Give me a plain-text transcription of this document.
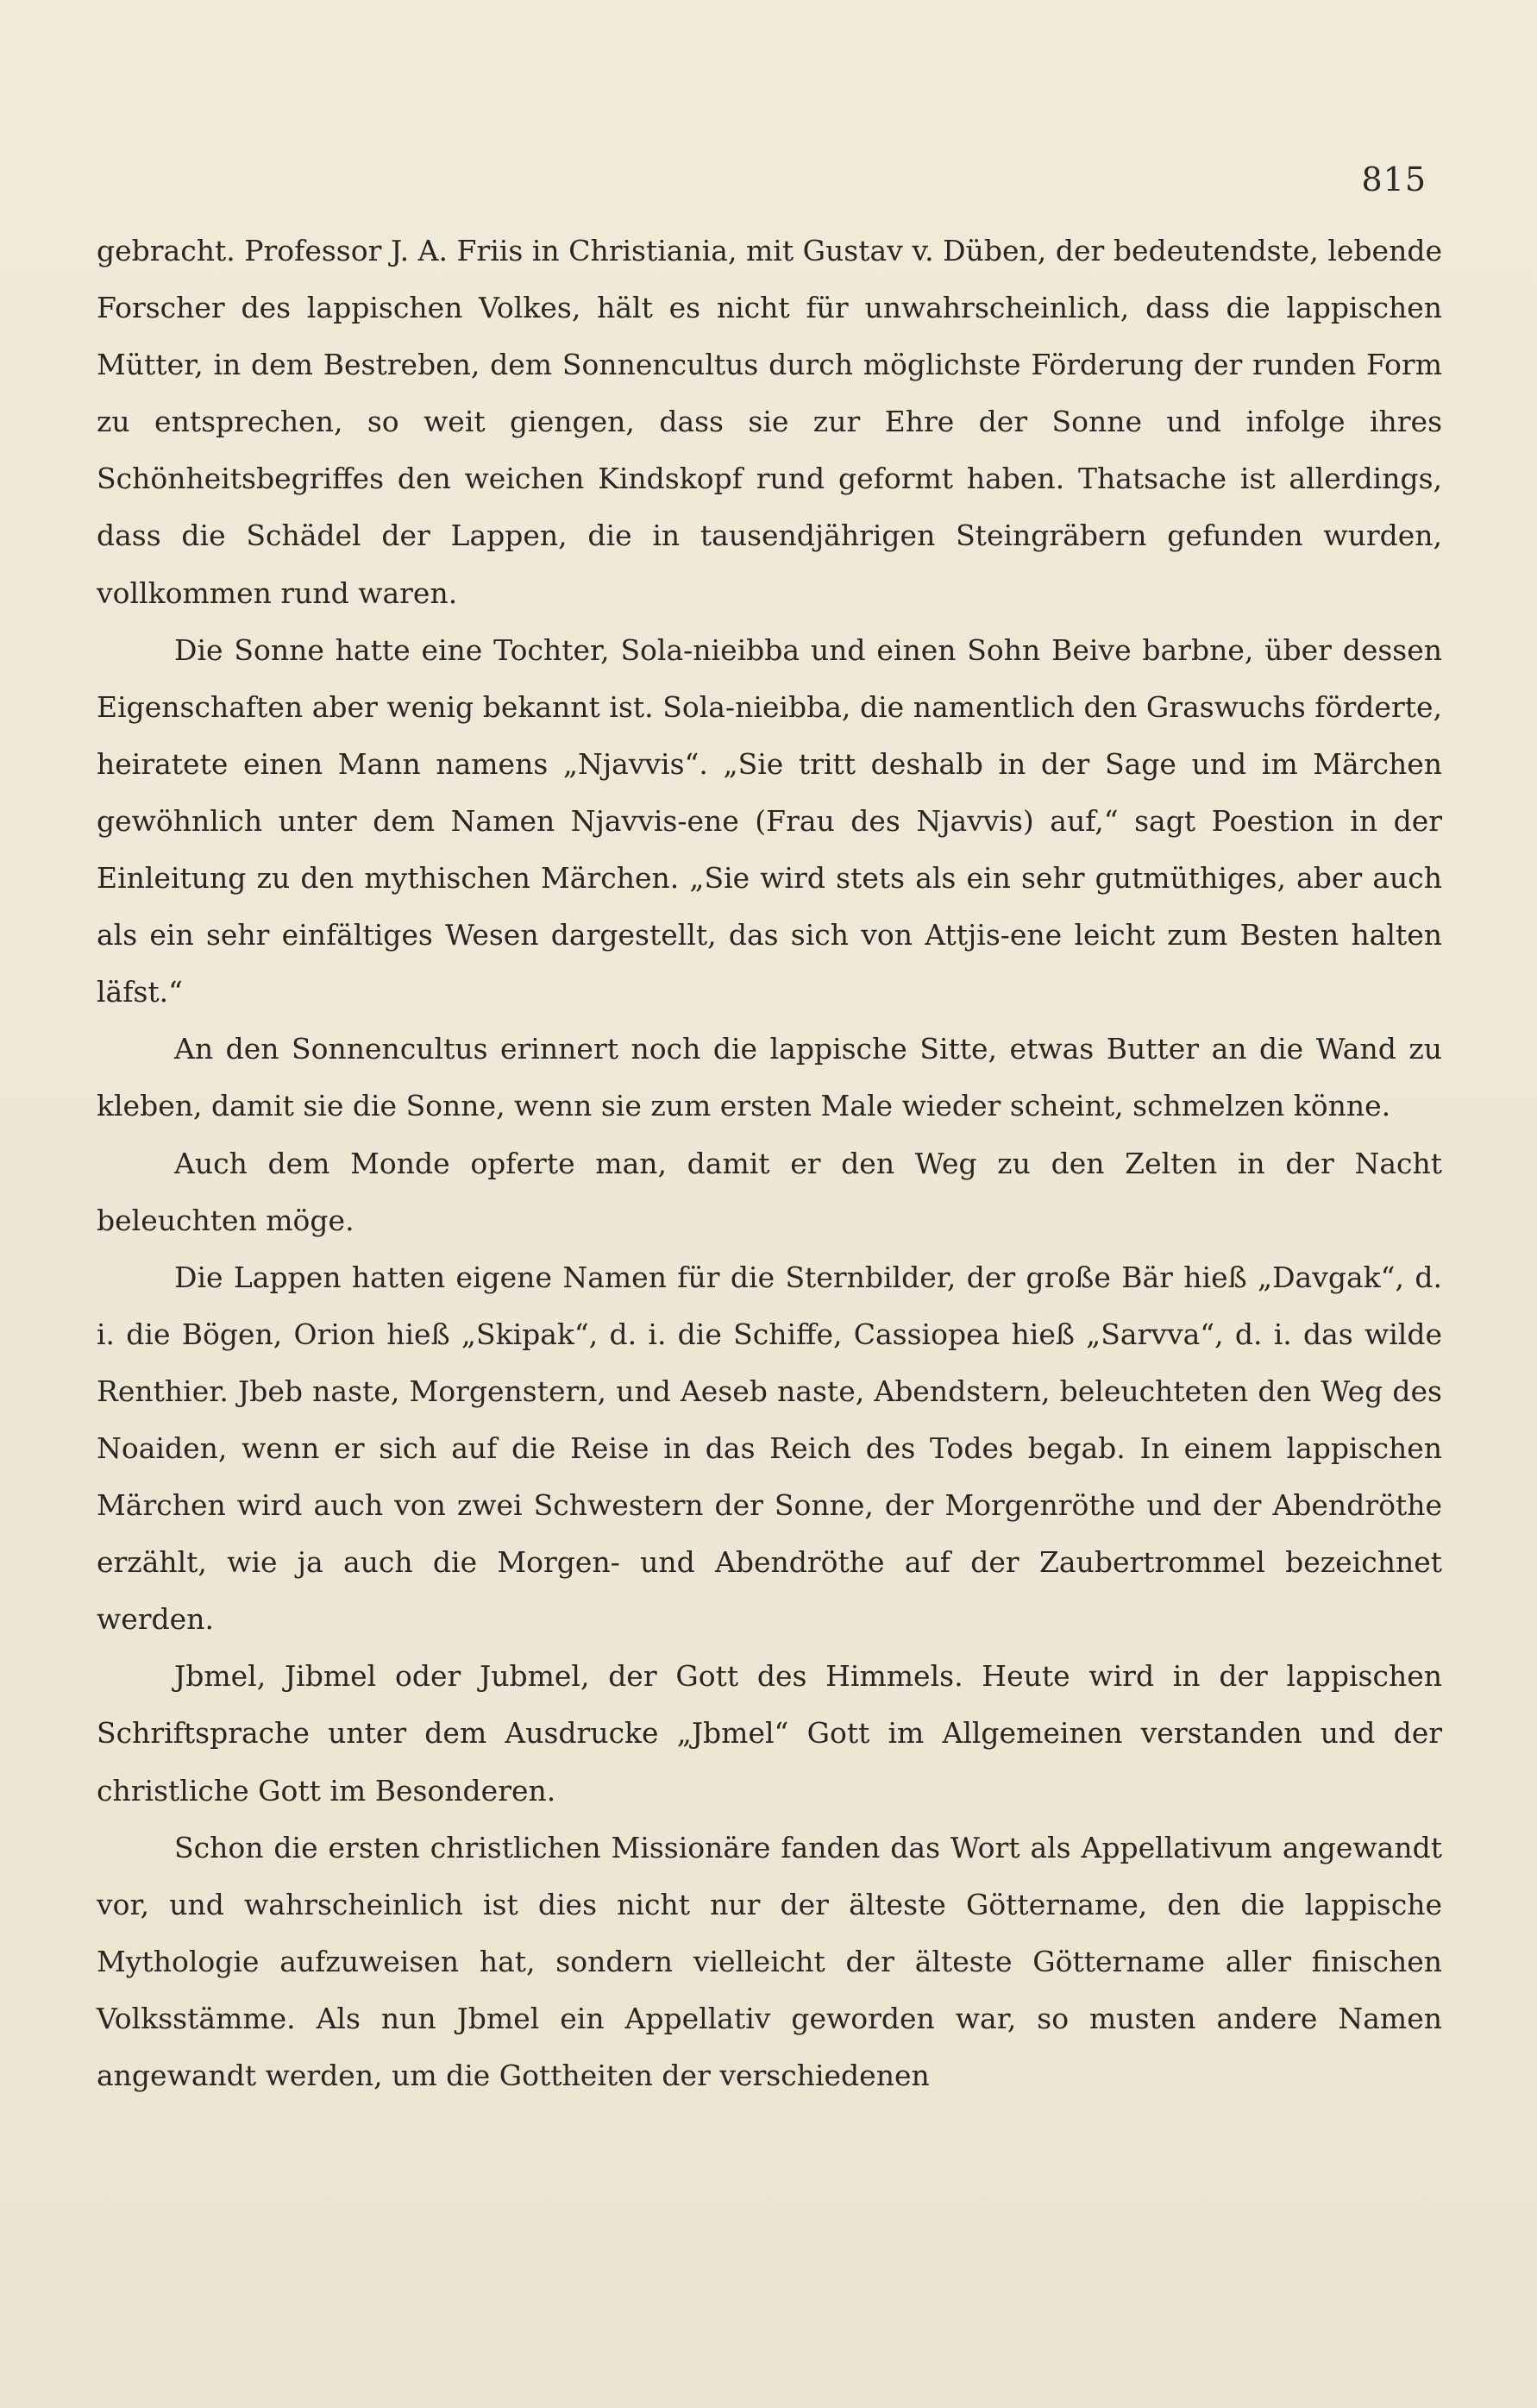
815

gebracht. Professor J. A. Friis in Christiania, mit Gustav v. Düben, der bedeutendste, lebende Forscher des lappischen Volkes, hält es nicht für unwahrscheinlich, dass die lappischen Mütter, in dem Bestreben, dem Sonnencultus durch möglichste Förderung der runden Form zu entsprechen, so weit giengen, dass sie zur Ehre der Sonne und infolge ihres Schönheitsbegriffes den weichen Kindskopf rund geformt haben. Thatsache ist allerdings, dass die Schädel der Lappen, die in tausendjährigen Steingräbern gefunden wurden, vollkommen rund waren.

Die Sonne hatte eine Tochter, Sola-nieibba und einen Sohn Beive barbne, über dessen Eigenschaften aber wenig bekannt ist. Sola-nieibba, die namentlich den Graswuchs förderte, heiratete einen Mann namens „Njavvis“. „Sie tritt deshalb in der Sage und im Märchen gewöhnlich unter dem Namen Njavvis-ene (Frau des Njavvis) auf,“ sagt Poestion in der Einleitung zu den mythischen Märchen. „Sie wird stets als ein sehr gutmüthiges, aber auch als ein sehr einfältiges Wesen dargestellt, das sich von Attjis-ene leicht zum Besten halten läfst.“

An den Sonnencultus erinnert noch die lappische Sitte, etwas Butter an die Wand zu kleben, damit sie die Sonne, wenn sie zum ersten Male wieder scheint, schmelzen könne.

Auch dem Monde opferte man, damit er den Weg zu den Zelten in der Nacht beleuchten möge.

Die Lappen hatten eigene Namen für die Sternbilder, der große Bär hieß „Davgak“, d. i. die Bögen, Orion hieß „Skipak“, d. i. die Schiffe, Cassiopea hieß „Sarvva“, d. i. das wilde Renthier. Jbeb naste, Morgenstern, und Aeseb naste, Abendstern, beleuchteten den Weg des Noaiden, wenn er sich auf die Reise in das Reich des Todes begab. In einem lappischen Märchen wird auch von zwei Schwestern der Sonne, der Morgenröthe und der Abendröthe erzählt, wie ja auch die Morgen- und Abendröthe auf der Zaubertrommel bezeichnet werden.

Jbmel, Jibmel oder Jubmel, der Gott des Himmels. Heute wird in der lappischen Schriftsprache unter dem Ausdrucke „Jbmel“ Gott im Allgemeinen verstanden und der christliche Gott im Besonderen.

Schon die ersten christlichen Missionäre fanden das Wort als Appellativum angewandt vor, und wahrscheinlich ist dies nicht nur der älteste Göttername, den die lappische Mythologie aufzuweisen hat, sondern vielleicht der älteste Göttername aller finischen Volksstämme. Als nun Jbmel ein Appellativ geworden war, so musten andere Namen angewandt werden, um die Gottheiten der verschiedenen
